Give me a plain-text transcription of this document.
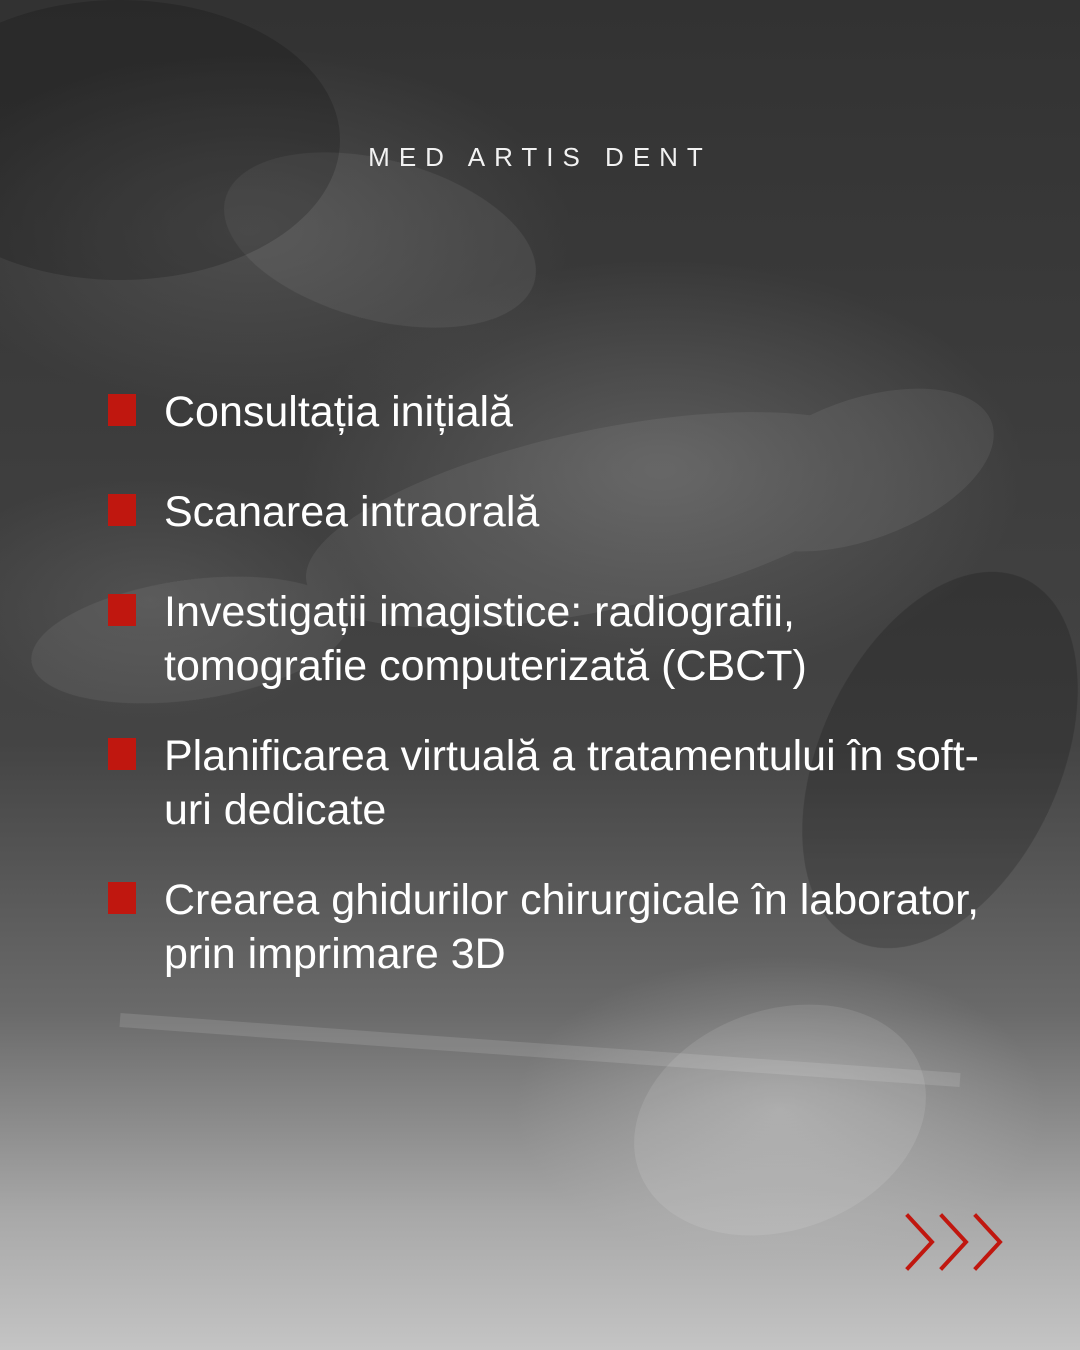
MED ARTIS DENT
Consultația inițială
Scanarea intraorală
Investigații imagistice: radiografii, tomografie computerizată (CBCT)
Planificarea virtuală a tratamentului în soft-uri dedicate
Crearea ghidurilor chirurgicale în laborator, prin imprimare 3D
